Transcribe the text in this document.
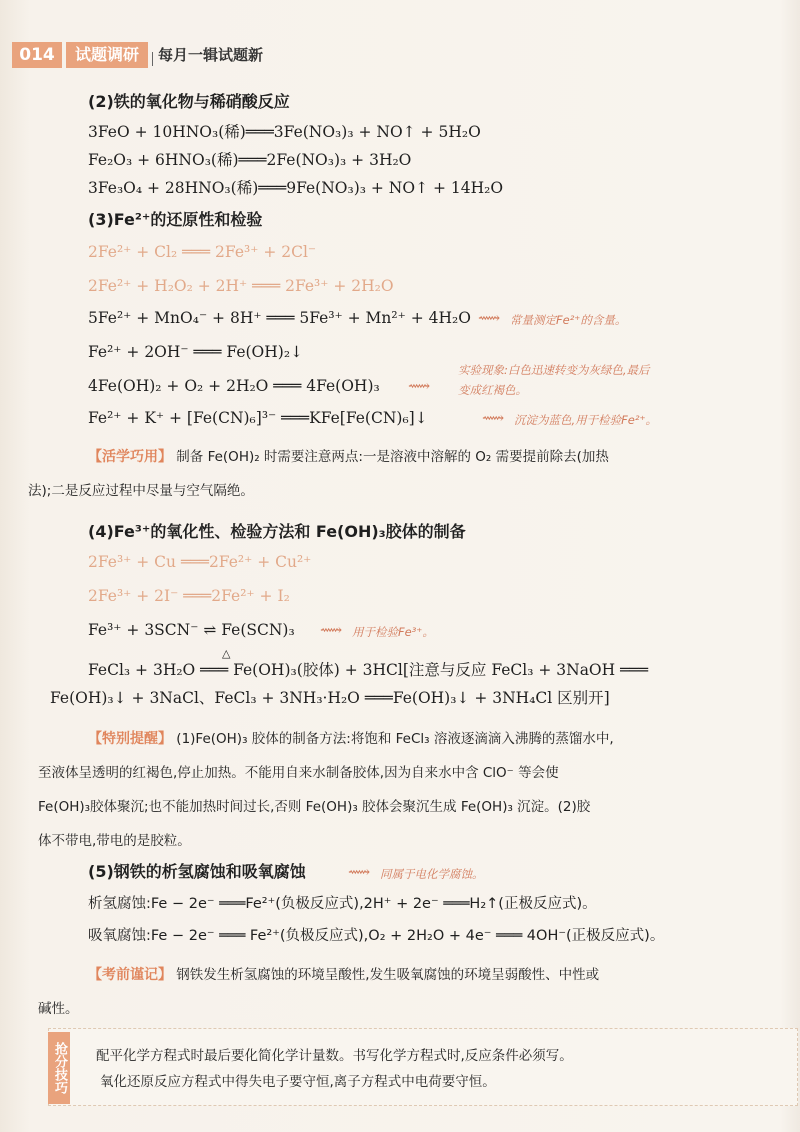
014	试题调研	每月一辑试题新
(2)铁的氧化物与稀硝酸反应
3FeO + 10HNO₃(稀)═══3Fe(NO₃)₃ + NO↑ + 5H₂O
Fe₂O₃ + 6HNO₃(稀)═══2Fe(NO₃)₃ + 3H₂O
3Fe₃O₄ + 28HNO₃(稀)═══9Fe(NO₃)₃ + NO↑ + 14H₂O
(3)Fe²⁺的还原性和检验
2Fe²⁺ + Cl₂ ═══ 2Fe³⁺ + 2Cl⁻
2Fe²⁺ + H₂O₂ + 2H⁺ ═══ 2Fe³⁺ + 2H₂O
5Fe²⁺ + MnO₄⁻ + 8H⁺ ═══ 5Fe³⁺ + Mn²⁺ + 4H₂O ⟿ 常量测定Fe²⁺的含量。
Fe²⁺ + 2OH⁻ ═══ Fe(OH)₂↓
实验现象:白色迅速转变为灰绿色,最后
4Fe(OH)₂ + O₂ + 2H₂O ═══ 4Fe(OH)₃ ⟿ 变成红褐色。
Fe²⁺ + K⁺ + [Fe(CN)₆]³⁻ ═══KFe[Fe(CN)₆]↓	⟿ 沉淀为蓝色,用于检验Fe²⁺。
【活学巧用】 制备 Fe(OH)₂ 时需要注意两点:一是溶液中溶解的 O₂ 需要提前除去(加热
法);二是反应过程中尽量与空气隔绝。
(4)Fe³⁺的氧化性、检验方法和 Fe(OH)₃胶体的制备
2Fe³⁺ + Cu ═══2Fe²⁺ + Cu²⁺
2Fe³⁺ + 2I⁻ ═══2Fe²⁺ + I₂
Fe³⁺ + 3SCN⁻ ⇌ Fe(SCN)₃ ⟿ 用于检验Fe³⁺。
△
FeCl₃ + 3H₂O ═══ Fe(OH)₃(胶体) + 3HCl[注意与反应 FeCl₃ + 3NaOH ═══
Fe(OH)₃↓ + 3NaCl、FeCl₃ + 3NH₃·H₂O ═══Fe(OH)₃↓ + 3NH₄Cl 区别开]
【特别提醒】 (1)Fe(OH)₃ 胶体的制备方法:将饱和 FeCl₃ 溶液逐滴滴入沸腾的蒸馏水中,
至液体呈透明的红褐色,停止加热。不能用自来水制备胶体,因为自来水中含 ClO⁻ 等会使
Fe(OH)₃胶体聚沉;也不能加热时间过长,否则 Fe(OH)₃ 胶体会聚沉生成 Fe(OH)₃ 沉淀。(2)胶
体不带电,带电的是胶粒。
(5)钢铁的析氢腐蚀和吸氧腐蚀	⟿ 同属于电化学腐蚀。
析氢腐蚀:Fe − 2e⁻ ═══Fe²⁺(负极反应式),2H⁺ + 2e⁻ ═══H₂↑(正极反应式)。
吸氧腐蚀:Fe − 2e⁻ ═══ Fe²⁺(负极反应式),O₂ + 2H₂O + 4e⁻ ═══ 4OH⁻(正极反应式)。
【考前谨记】 钢铁发生析氢腐蚀的环境呈酸性,发生吸氧腐蚀的环境呈弱酸性、中性或
碱性。
抢分技巧 配平化学方程式时最后要化简化学计量数。书写化学方程式时,反应条件必须写。
氧化还原反应方程式中得失电子要守恒,离子方程式中电荷要守恒。
